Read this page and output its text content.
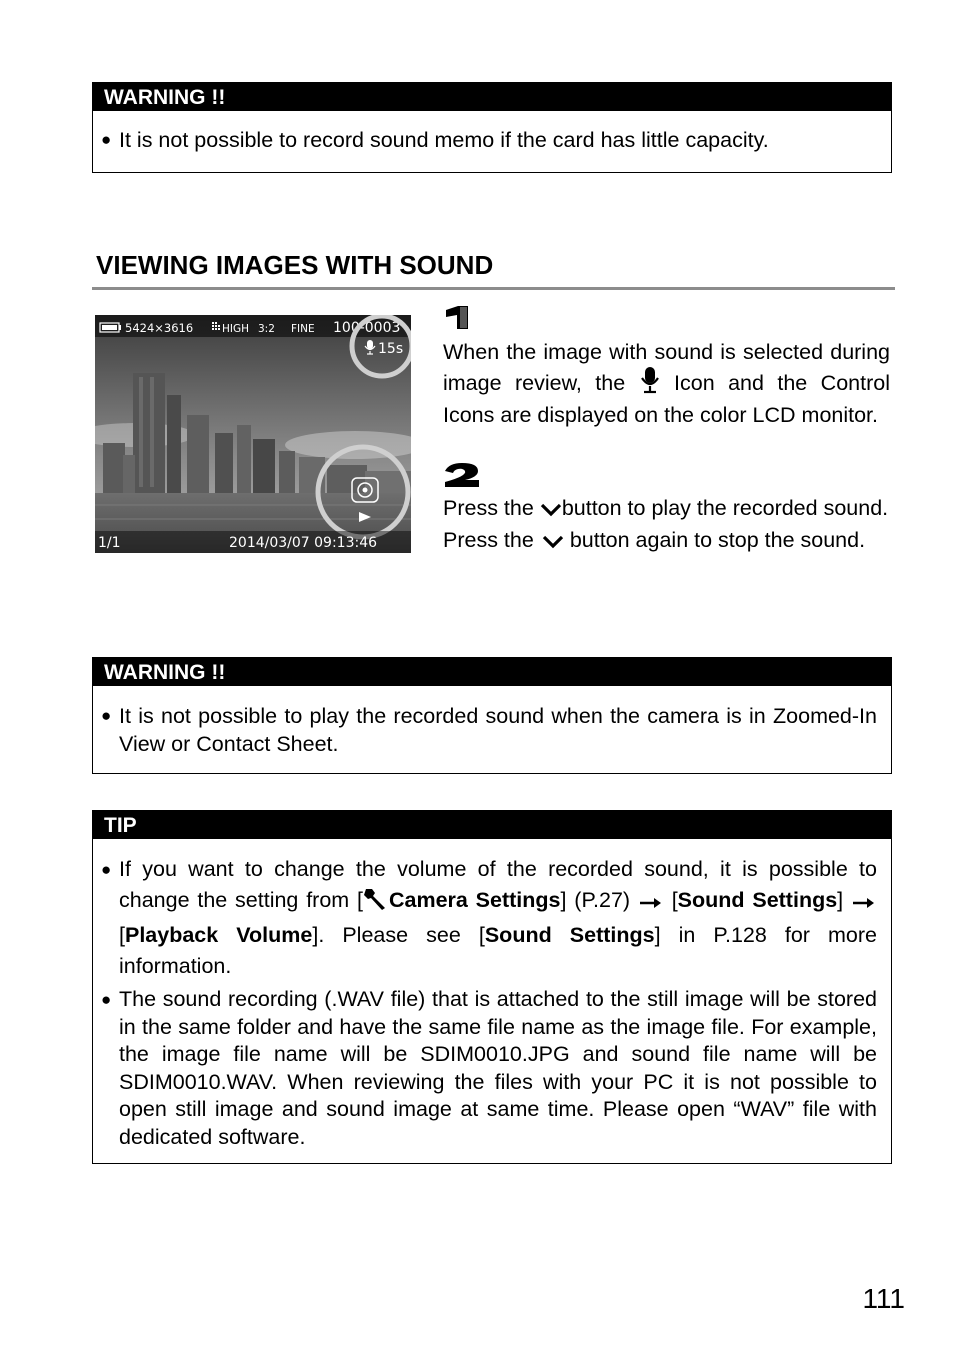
WARNING !!
● It is not possible to record sound memo if the card has little capacity.
VIEWING IMAGES WITH SOUND
5424×3616	HIGH 3:2 FINE 100-0003
15s
1/1	2014/03/07 09:13:46
When the image with sound is selected during image review, the Icon and the Control Icons are displayed on the color LCD monitor.
Press the button to play the recorded sound.
Press the button again to stop the sound.
WARNING !!
● It is not possible to play the recorded sound when the camera is in Zoomed-In View or Contact Sheet.
TIP
● If you want to change the volume of the recorded sound, it is possible to change the setting from [ Camera Settings] (P.27) [Sound Settings]  [Playback Volume]. Please see [Sound Settings] in P.128 for more information.
● The sound recording (.WAV file) that is attached to the still image will be stored in the same folder and have the same file name as the image file. For example, the image file name will be SDIM0010.JPG and sound file name will be SDIM0010.WAV. When reviewing the files with your PC it is not possible to open still image and sound image at same time. Please open “WAV” file with dedicated software.
111
